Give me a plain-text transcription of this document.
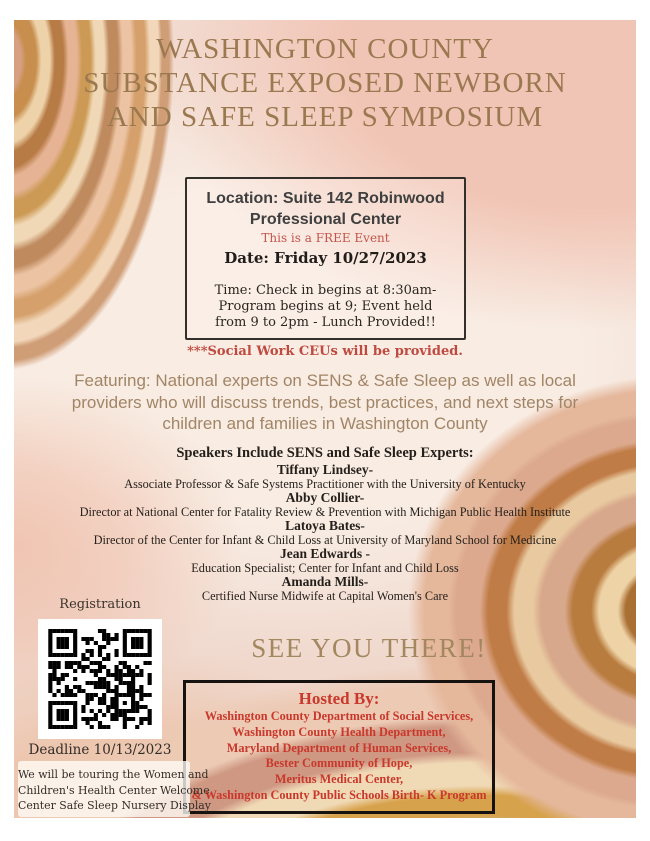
WASHINGTON COUNTY
SUBSTANCE EXPOSED NEWBORN
AND SAFE SLEEP SYMPOSIUM
Location: Suite 142 Robinwood
Professional Center
This is a FREE Event
Date: Friday 10/27/2023
Time: Check in begins at 8:30am-
Program begins at 9; Event held
from 9 to 2pm - Lunch Provided!!
***Social Work CEUs will be provided.
Featuring: National experts on SENS & Safe Sleep as well as local
providers who will discuss trends, best practices, and next steps for
children and families in Washington County
Speakers Include SENS and Safe Sleep Experts:
Tiffany Lindsey-
Associate Professor & Safe Systems Practitioner with the University of Kentucky
Abby Collier-
Director at National Center for Fatality Review & Prevention with Michigan Public Health Institute
Latoya Bates-
Director of the Center for Infant & Child Loss at University of Maryland School for Medicine
Jean Edwards -
Education Specialist; Center for Infant and Child Loss
Amanda Mills-
Certified Nurse Midwife at Capital Women's Care
Registration
SEE YOU THERE!
Hosted By:
Washington County Department of Social Services,
Washington County Health Department,
Maryland Department of Human Services,
Bester Community of Hope,
Meritus Medical Center,
& Washington County Public Schools Birth- K Program
Deadline 10/13/2023
We will be touring the Women and
Children's Health Center Welcome
Center Safe Sleep Nursery Display
